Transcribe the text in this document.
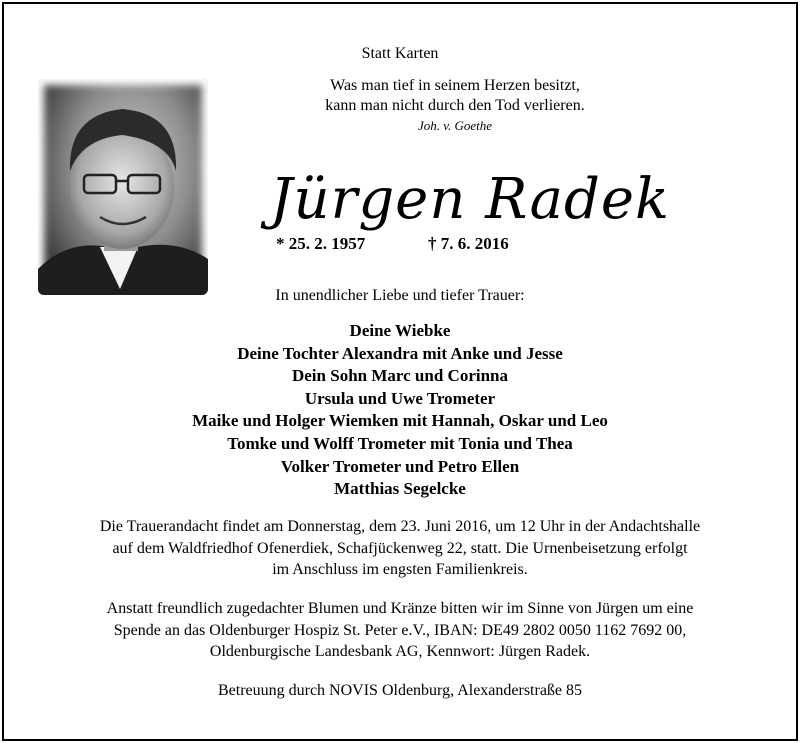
Statt Karten
Was man tief in seinem Herzen besitzt,
kann man nicht durch den Tod verlieren.
Joh. v. Goethe
Jürgen Radek
* 25. 2. 1957	† 7. 6. 2016
In unendlicher Liebe und tiefer Trauer:
Deine Wiebke
Deine Tochter Alexandra mit Anke und Jesse
Dein Sohn Marc und Corinna
Ursula und Uwe Trometer
Maike und Holger Wiemken mit Hannah, Oskar und Leo
Tomke und Wolff Trometer mit Tonia und Thea
Volker Trometer und Petro Ellen
Matthias Segelcke
Die Trauerandacht findet am Donnerstag, dem 23. Juni 2016, um 12 Uhr in der Andachtshalle
auf dem Waldfriedhof Ofenerdiek, Schafjückenweg 22, statt. Die Urnenbeisetzung erfolgt
im Anschluss im engsten Familienkreis.
Anstatt freundlich zugedachter Blumen und Kränze bitten wir im Sinne von Jürgen um eine
Spende an das Oldenburger Hospiz St. Peter e.V., IBAN: DE49 2802 0050 1162 7692 00,
Oldenburgische Landesbank AG, Kennwort: Jürgen Radek.
Betreuung durch NOVIS Oldenburg, Alexanderstraße 85
